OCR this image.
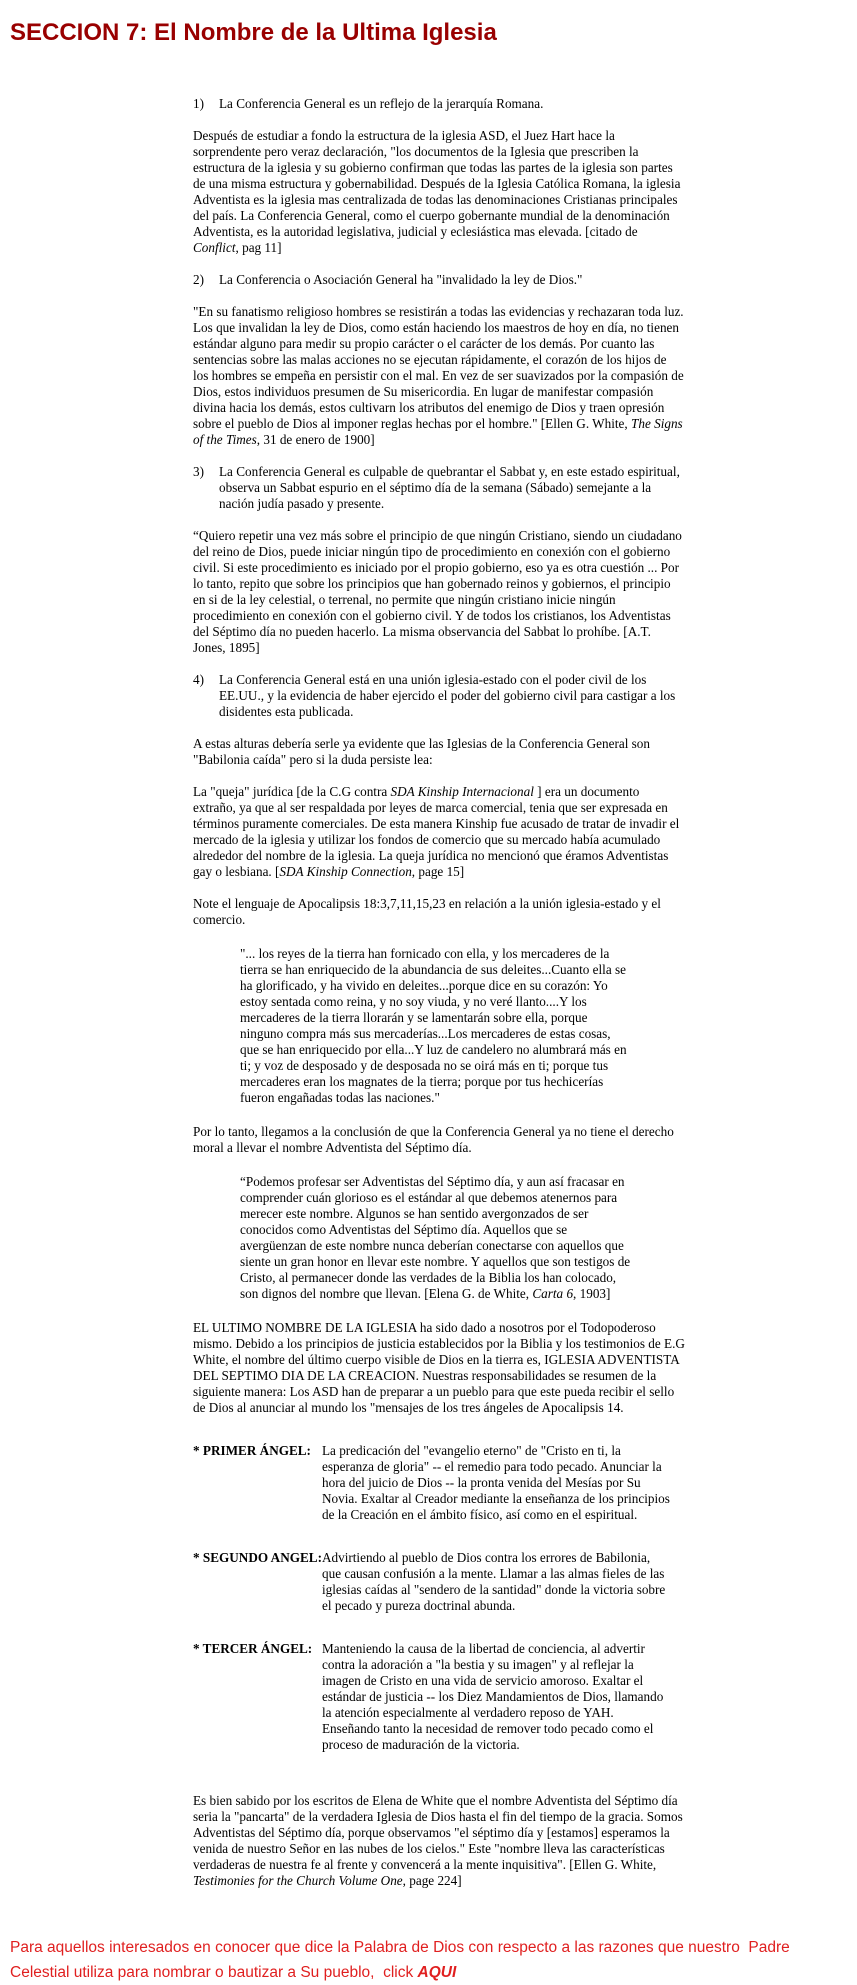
SECCION 7: El Nombre de la Ultima Iglesia
1)	La Conferencia General es un reflejo de la jerarquía Romana.

Después de estudiar a fondo la estructura de la iglesia ASD, el Juez Hart hace la sorprendente pero veraz declaración, "los documentos de la Iglesia que prescriben la estructura de la iglesia y su gobierno confirman que todas las partes de la iglesia son partes de una misma estructura y gobernabilidad. Después de la Iglesia Católica Romana, la iglesia Adventista es la iglesia mas centralizada de todas las denominaciones Cristianas principales del país. La Conferencia General, como el cuerpo gobernante mundial de la denominación Adventista, es la autoridad legislativa, judicial y eclesiástica mas elevada. [citado de Conflict, pag 11]

2)	La Conferencia o Asociación General ha "invalidado la ley de Dios."

"En su fanatismo religioso hombres se resistirán a todas las evidencias y rechazaran toda luz. Los que invalidan la ley de Dios, como están haciendo los maestros de hoy en día, no tienen estándar alguno para medir su propio carácter o el carácter de los demás. Por cuanto las sentencias sobre las malas acciones no se ejecutan rápidamente, el corazón de los hijos de los hombres se empeña en persistir con el mal. En vez de ser suavizados por la compasión de Dios, estos individuos presumen de Su misericordia. En lugar de manifestar compasión divina hacia los demás, estos cultivarn los atributos del enemigo de Dios y traen opresión sobre el pueblo de Dios al imponer reglas hechas por el hombre." [Ellen G. White, The Signs of the Times, 31 de enero de 1900]

3)	La Conferencia General es culpable de quebrantar el Sabbat y, en este estado espiritual, observa un Sabbat espurio en el séptimo día de la semana (Sábado) semejante a la nación judía pasado y presente.

“Quiero repetir una vez más sobre el principio de que ningún Cristiano, siendo un ciudadano del reino de Dios, puede iniciar ningún tipo de procedimiento en conexión con el gobierno civil. Si este procedimiento es iniciado por el propio gobierno, eso ya es otra cuestión ... Por lo tanto, repito que sobre los principios que han gobernado reinos y gobiernos, el principio en si de la ley celestial, o terrenal, no permite que ningún cristiano inicie ningún procedimiento en conexión con el gobierno civil. Y de todos los cristianos, los Adventistas del Séptimo día no pueden hacerlo. La misma observancia del Sabbat lo prohíbe. [A.T. Jones, 1895]

4)	La Conferencia General está en una unión iglesia-estado con el poder civil de los EE.UU., y la evidencia de haber ejercido el poder del gobierno civil para castigar a los disidentes esta publicada.

A estas alturas debería serle ya evidente que las Iglesias de la Conferencia General son "Babilonia caída" pero si la duda persiste lea:

La "queja" jurídica [de la C.G contra SDA Kinship Internacional ] era un documento extraño, ya que al ser respaldada por leyes de marca comercial, tenia que ser expresada en términos puramente comerciales. De esta manera Kinship fue acusado de tratar de invadir el mercado de la iglesia y utilizar los fondos de comercio que su mercado había acumulado alrededor del nombre de la iglesia. La queja jurídica no mencionó que éramos Adventistas gay o lesbiana. [SDA Kinship Connection, page 15]

Note el lenguaje de Apocalipsis 18:3,7,11,15,23 en relación a la unión iglesia-estado y el comercio.

"... los reyes de la tierra han fornicado con ella, y los mercaderes de la tierra se han enriquecido de la abundancia de sus deleites...Cuanto ella se ha glorificado, y ha vivido en deleites...porque dice en su corazón: Yo estoy sentada como reina, y no soy viuda, y no veré llanto....Y los mercaderes de la tierra llorarán y se lamentarán sobre ella, porque ninguno compra más sus mercaderías...Los mercaderes de estas cosas, que se han enriquecido por ella...Y luz de candelero no alumbrará más en ti; y voz de desposado y de desposada no se oirá más en ti; porque tus mercaderes eran los magnates de la tierra; porque por tus hechicerías fueron engañadas todas las naciones."

Por lo tanto, llegamos a la conclusión de que la Conferencia General ya no tiene el derecho moral a llevar el nombre Adventista del Séptimo día.

“Podemos profesar ser Adventistas del Séptimo día, y aun así fracasar en comprender cuán glorioso es el estándar al que debemos atenernos para merecer este nombre. Algunos se han sentido avergonzados de ser conocidos como Adventistas del Séptimo día. Aquellos que se avergüenzan de este nombre nunca deberían conectarse con aquellos que siente un gran honor en llevar este nombre. Y aquellos que son testigos de Cristo, al permanecer donde las verdades de la Biblia los han colocado, son dignos del nombre que llevan. [Elena G. de White, Carta 6, 1903]

EL ULTIMO NOMBRE DE LA IGLESIA ha sido dado a nosotros por el Todopoderoso mismo. Debido a los principios de justicia establecidos por la Biblia y los testimonios de E.G White, el nombre del último cuerpo visible de Dios en la tierra es, IGLESIA ADVENTISTA DEL SEPTIMO DIA DE LA CREACION. Nuestras responsabilidades se resumen de la siguiente manera: Los ASD han de preparar a un pueblo para que este pueda recibir el sello de Dios al anunciar al mundo los "mensajes de los tres ángeles de Apocalipsis 14.

* PRIMER ÁNGEL: La predicación del "evangelio eterno" de "Cristo en ti, la esperanza de gloria" -- el remedio para todo pecado. Anunciar la hora del juicio de Dios -- la pronta venida del Mesías por Su Novia. Exaltar al Creador mediante la enseñanza de los principios de la Creación en el ámbito físico, así como en el espiritual.
* SEGUNDO ANGEL: Advirtiendo al pueblo de Dios contra los errores de Babilonia, que causan confusión a la mente. Llamar a las almas fieles de las iglesias caídas al "sendero de la santidad" donde la victoria sobre el pecado y pureza doctrinal abunda.
* TERCER ÁNGEL: Manteniendo la causa de la libertad de conciencia, al advertir contra la adoración a "la bestia y su imagen" y al reflejar la imagen de Cristo en una vida de servicio amoroso. Exaltar el estándar de justicia -- los Diez Mandamientos de Dios, llamando la atención especialmente al verdadero reposo de YAH. Enseñando tanto la necesidad de remover todo pecado como el proceso de maduración de la victoria.

Es bien sabido por los escritos de Elena de White que el nombre Adventista del Séptimo día seria la "pancarta" de la verdadera Iglesia de Dios hasta el fin del tiempo de la gracia. Somos Adventistas del Séptimo día, porque observamos "el séptimo día y [estamos] esperamos la venida de nuestro Señor en las nubes de los cielos." Este "nombre lleva las características verdaderas de nuestra fe al frente y convencerá a la mente inquisitiva". [Ellen G. White, Testimonies for the Church Volume One, page 224]

Para aquellos interesados en conocer que dice la Palabra de Dios con respecto a las razones que nuestro  Padre Celestial utiliza para nombrar o bautizar a Su pueblo,  click AQUI
